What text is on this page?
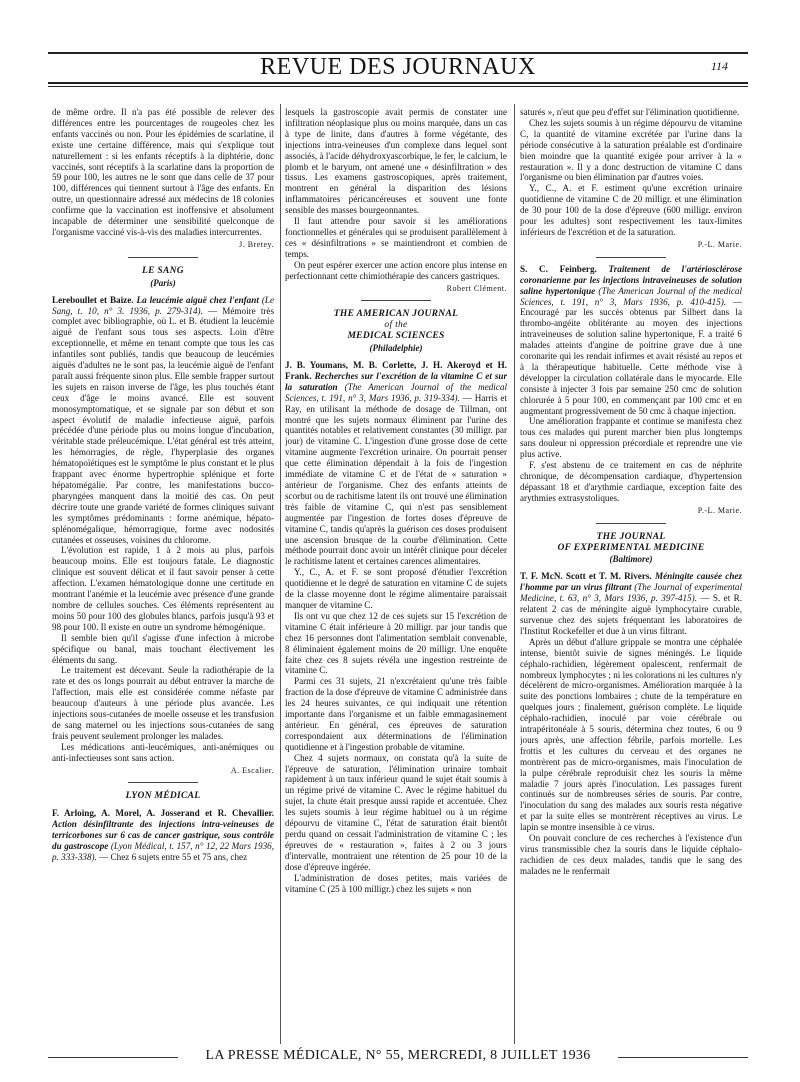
REVUE DES JOURNAUX	114

de même ordre. Il n'a pas été possible de relever des différences entre les pourcentages de rougeoles chez les enfants vaccinés ou non. Pour les épidémies de scarlatine, il existe une certaine différence, mais qui s'explique tout naturellement : si les enfants réceptifs à la diphtérie, donc vaccinés, sont réceptifs à la scarlatine dans la proportion de 59 pour 100, les autres ne le sont que dans celle de 37 pour 100, différences qui tiennent surtout à l'âge des enfants. En outre, un questionnaire adressé aux médecins de 18 colonies confirme que la vaccination est inoffensive et absolument incapable de déterminer une sensibilité quelconque de l'organisme vacciné vis-à-vis des maladies intercurrentes.

J. Bretey.
LE SANG
(Paris)

Lereboullet et Baize. La leucémie aiguë chez l'enfant (Le Sang, t. 10, n° 3. 1936, p. 279-314). — Mémoire très complet avec bibliographie, où L. et B. étudient la leucémie aiguë de l'enfant sous tous ses aspects. Loin d'être exceptionnelle, et même en tenant compte que tous les cas infantiles sont publiés, tandis que beaucoup de leucémies aiguës d'adultes ne le sont pas, la leucémie aiguë de l'enfant paraît aussi fréquente sinon plus. Elle semble frapper surtout les sujets en raison inverse de l'âge, les plus touchés étant ceux d'âge le moins avancé. Elle est souvent monosymptomatique, et se signale par son début et son aspect évolutif de maladie infectieuse aiguë, parfois précédée d'une période plus ou moins longue d'incubation, véritable stade préleucémique. L'état général est très atteint, les hémorragies, de règle, l'hyperplasie des organes hématopoïétiques est le symptôme le plus constant et le plus frappant avec énorme hypertrophie splénique et forte hépatomégalie. Par contre, les manifestations bucco-pharyngées manquent dans la moitié des cas. On peut décrire toute une grande variété de formes cliniques suivant les symptômes prédominants : forme anémique, hépato-splénomégalique, hémorragique, forme avec nodosités cutanées et osseuses, voisines du chlorome.

L'évolution est rapide, 1 à 2 mois au plus, parfois beaucoup moins. Elle est toujours fatale. Le diagnostic clinique est souvent délicat et il faut savoir penser à cette affection. L'examen hématologique donne une certitude en montrant l'anémie et la leucémie avec présence d'une grande nombre de cellules souches. Ces éléments représentent au moins 50 pour 100 des globules blancs, parfois jusqu'à 93 et 98 pour 100. Il existe en outre un syndrome hémogénique.

Il semble bien qu'il s'agisse d'une infection à microbe spécifique ou banal, mais touchant électivement les éléments du sang.

Le traitement est décevant. Seule la radiothérapie de la rate et des os longs pourrait au début entraver la marche de l'affection, mais elle est considérée comme néfaste par beaucoup d'auteurs à une période plus avancée. Les injections sous-cutanées de moelle osseuse et les transfusion de sang maternel ou les injections sous-cutanées de sang frais peuvent seulement prolonger les malades.

Les médications anti-leucémiques, anti-anémiques ou anti-infectieuses sont sans action.

A. Escalier.
LYON MÉDICAL

F. Arloing, A. Morel, A. Josserand et R. Chevallier. Action désinfiltrante des injections intra-veineuses de terricorbones sur 6 cas de cancer gastrique, sous contrôle du gastroscope (Lyon Médical, t. 157, n° 12, 22 Mars 1936, p. 333-338). — Chez 6 sujets entre 55 et 75 ans, chez

lesquels la gastroscopie avait permis de constater une infiltration néoplasique plus ou moins marquée, dans un cas à type de linite, dans d'autres à forme végétante, des injections intra-veineuses d'un complexe dans lequel sont associés, à l'acide déhydroxyascorbique, le fer, le calcium, le plomb et le baryum, ont amené une « désinfiltration » des tissus. Les examens gastroscopiques, après traitement, montrent en général la disparition des lésions inflammatoires péricancéreuses et souvent une fonte sensible des masses bourgeonnantes.

Il faut attendre pour savoir si les améliorations fonctionnelles et générales qui se produisent parallèlement à ces « désinfiltrations » se maintiendront et combien de temps.

On peut espérer exercer une action encore plus intense en perfectionnant cette chimiothérapie des cancers gastriques.

Robert Clément.
THE AMERICAN JOURNAL
of the
MEDICAL SCIENCES
(Philadelphie)

J. B. Youmans, M. B. Corlette, J. H. Akeroyd et H. Frank. Recherches sur l'excrétion de la vitamine C et sur la saturation (The American Journal of the medical Sciences, t. 191, n° 3, Mars 1936, p. 319-334). — Harris et Ray, en utilisant la méthode de dosage de Tillman, ont montré que les sujets normaux éliminent par l'urine des quantités notables et relativement constantes (30 milligr. par jour) de vitamine C. L'ingestion d'une grosse dose de cette vitamine augmente l'excrétion urinaire. On pourrait penser que cette élimination dépendait à la fois de l'ingestion immédiate de vitamine C et de l'état de « saturation » antérieur de l'organisme. Chez des enfants atteints de scorbut ou de rachitisme latent ils ont trouvé une élimination très faible de vitamine C, qui n'est pas sensiblement augmentée par l'ingestion de fortes doses d'épreuve de vitamine C, tandis qu'après la guérison ces doses produisent une ascension brusque de la courbe d'élimination. Cette méthode pourrait donc avoir un intérêt clinique pour déceler le rachitisme latent et certaines carences alimentaires.

Y., C., A. et F. se sont proposé d'étudier l'excrétion quotidienne et le degré de saturation en vitamine C de sujets de la classe moyenne dont le régime alimentaire paraissait manquer de vitamine C.

Ils ont vu que chez 12 de ces sujets sur 15 l'excrétion de vitamine C était inférieure à 20 milligr. par jour tandis que chez 16 personnes dont l'alimentation semblait convenable, 8 éliminaient également moins de 20 milligr. Une enquête faite chez ces 8 sujets révéla une ingestion restreinte de vitamine C.

Parmi ces 31 sujets, 21 n'excrétaient qu'une très faible fraction de la dose d'épreuve de vitamine C administrée dans les 24 heures suivantes, ce qui indiquait une rétention importante dans l'organisme et un faible emmagasinement antérieur. En général, ces épreuves de saturation correspondaient aux déterminations de l'élimination quotidienne et à l'ingestion probable de vitamine.

Chez 4 sujets normaux, on constata qu'à la suite de l'épreuve de saturation, l'élimination urinaire tombait rapidement à un taux inférieur quand le sujet était soumis à un régime privé de vitamine C. Avec le régime habituel du sujet, la chute était presque aussi rapide et accentuée. Chez les sujets soumis à leur régime habituel ou à un régime dépourvu de vitamine C, l'état de saturation était bientôt perdu quand on cessait l'administration de vitamine C ; les épreuves de « restauration », faites à 2 ou 3 jours d'intervalle, montraient une rétention de 25 pour 10 de la dose d'épreuve ingérée.

L'administration de doses petites, mais variées de vitamine C (25 à 100 milligr.) chez les sujets « non

saturés », n'eut que peu d'effet sur l'élimination quotidienne.

Chez les sujets soumis à un régime dépourvu de vitamine C, la quantité de vitamine excrétée par l'urine dans la période consécutive à la saturation préalable est d'ordinaire bien moindre que la quantité exigée pour arriver à la « restauration ». Il y a donc destruction de vitamine C dans l'organisme ou bien élimination par d'autres voies.

Y., C., A. et F. estiment qu'une excrétion urinaire quotidienne de vitamine C de 20 milligr. et une élimination de 30 pour 100 de la dose d'épreuve (600 milligr. environ pour les adultes) sont respectivement les taux-limites inférieurs de l'excrétion et de la saturation.

P.-L. Marie.

S. C. Feinberg. Traitement de l'artériosclérose coronarienne par les injections intraveineuses de solution saline hypertonique (The American Journal of the medical Sciences, t. 191, n° 3, Mars 1936, p. 410-415). — Encouragé par les succès obtenus par Silbert dans la thrombo-angéite oblitérante au moyen des injections intraveineuses de solution saline hypertonique, F. a traité 6 malades atteints d'angine de poitrine grave due à une coronarite qui les rendait infirmes et avait résisté au repos et à la thérapeutique habituelle. Cette méthode vise à développer la circulation collatérale dans le myocarde. Elle consiste à injecter 3 fois par semaine 250 cmc de solution chlorurée à 5 pour 100, en commençant par 100 cmc et en augmentant progressivement de 50 cmc à chaque injection.

Une amélioration frappante et continue se manifesta chez tous ces malades qui purent marcher bien plus longtemps sans douleur ni oppression précordiale et reprendre une vie plus active.

F. s'est abstenu de ce traitement en cas de néphrite chronique, de décompensation cardiaque, d'hypertension dépassant 18 et d'arythmie cardiaque, exception faite des arythmies extrasystoliques.

P.-L. Marie.
THE JOURNAL
OF EXPERIMENTAL MEDICINE
(Baltimore)

T. F. McN. Scott et T. M. Rivers. Méningite causée chez l'homme par un virus filtrant (The Journal of experimental Medicine, t. 63, n° 3, Mars 1936, p. 397-415). — S. et R. relatent 2 cas de méningite aiguë lymphocytaire curable, survenue chez des sujets fréquentant les laboratoires de l'Institut Rockefeller et due à un virus filtrant.

Après un début d'allure grippale se montra une céphalée intense, bientôt suivie de signes méningés. Le liquide céphalo-rachidien, légèrement opalescent, renfermait de nombreux lymphocytes ; ni les colorations ni les cultures n'y décelèrent de micro-organismes. Amélioration marquée à la suite des ponctions lombaires ; chute de la température en quelques jours ; finalement, guérison complète. Le liquide céphalo-rachidien, inoculé par voie cérébrale ou intrapéritonéale à 5 souris, détermina chez toutes, 6 ou 9 jours après, une affection fébrile, parfois mortelle. Les frottis et les cultures du cerveau et des organes ne montrèrent pas de micro-organismes, mais l'inoculation de la pulpe cérébrale reproduisit chez les souris la même maladie 7 jours après l'inoculation. Les passages furent continués sur de nombreuses séries de souris. Par contre, l'inoculation du sang des malades aux souris resta négative et par la suite elles se montrèrent réceptives au virus. Le lapin se montre insensible à ce virus.

On pouvait conclure de ces recherches à l'existence d'un virus transmissible chez la souris dans le liquide céphalo-rachidien de ces deux malades, tandis que le sang des malades ne le renfermait

LA PRESSE MÉDICALE, N° 55, MERCREDI, 8 JUILLET 1936
